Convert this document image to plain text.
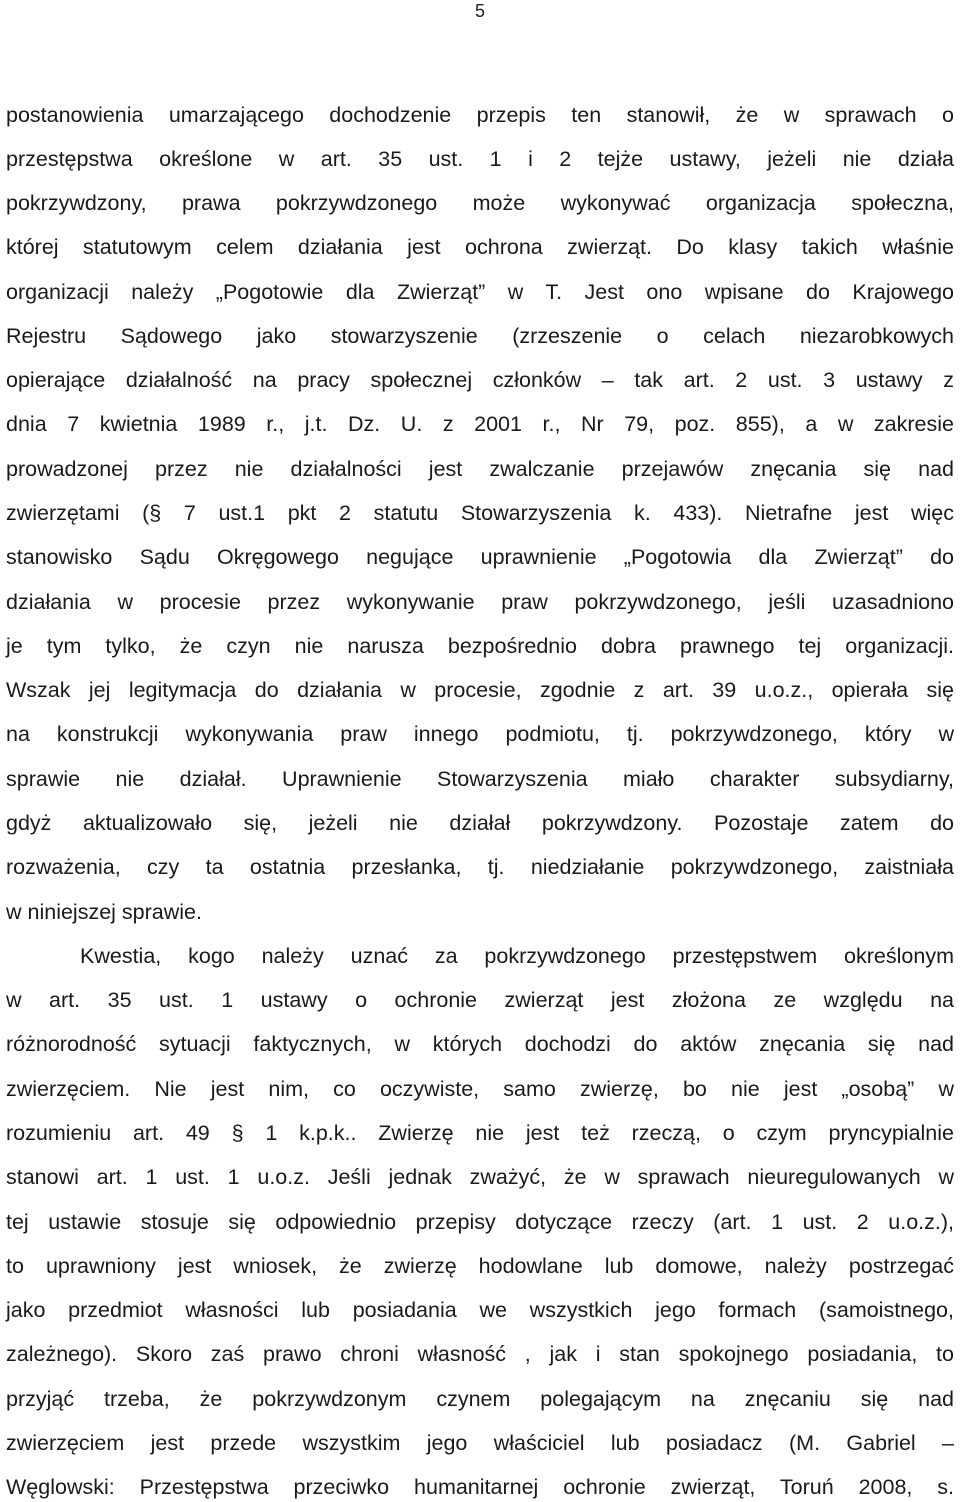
5
postanowienia umarzającego dochodzenie przepis ten stanowił, że w sprawach o
przestępstwa określone w art. 35 ust. 1 i 2 tejże ustawy, jeżeli nie działa
pokrzywdzony, prawa pokrzywdzonego może wykonywać organizacja społeczna,
której statutowym celem działania jest ochrona zwierząt. Do klasy takich właśnie
organizacji należy „Pogotowie dla Zwierząt” w T. Jest ono wpisane do Krajowego
Rejestru Sądowego jako stowarzyszenie (zrzeszenie o celach niezarobkowych
opierające działalność na pracy społecznej członków – tak art. 2 ust. 3 ustawy z
dnia 7 kwietnia 1989 r., j.t. Dz. U. z 2001 r., Nr 79, poz. 855), a w zakresie
prowadzonej przez nie działalności jest zwalczanie przejawów znęcania się nad
zwierzętami (§ 7 ust.1 pkt 2 statutu Stowarzyszenia k. 433). Nietrafne jest więc
stanowisko Sądu Okręgowego negujące uprawnienie „Pogotowia dla Zwierząt” do
działania w procesie przez wykonywanie praw pokrzywdzonego, jeśli uzasadniono
je tym tylko, że czyn nie narusza bezpośrednio dobra prawnego tej organizacji.
Wszak jej legitymacja do działania w procesie, zgodnie z art. 39 u.o.z., opierała się
na konstrukcji wykonywania praw innego podmiotu, tj. pokrzywdzonego, który w
sprawie nie działał. Uprawnienie Stowarzyszenia miało charakter subsydiarny,
gdyż aktualizowało się, jeżeli nie działał pokrzywdzony. Pozostaje zatem do
rozważenia, czy ta ostatnia przesłanka, tj. niedziałanie pokrzywdzonego, zaistniała
w niniejszej sprawie.
Kwestia, kogo należy uznać za pokrzywdzonego przestępstwem określonym
w art. 35 ust. 1 ustawy o ochronie zwierząt jest złożona ze względu na
różnorodność sytuacji faktycznych, w których dochodzi do aktów znęcania się nad
zwierzęciem. Nie jest nim, co oczywiste, samo zwierzę, bo nie jest „osobą” w
rozumieniu art. 49 § 1 k.p.k.. Zwierzę nie jest też rzeczą, o czym pryncypialnie
stanowi art. 1 ust. 1 u.o.z. Jeśli jednak zważyć, że w sprawach nieuregulowanych w
tej ustawie stosuje się odpowiednio przepisy dotyczące rzeczy (art. 1 ust. 2 u.o.z.),
to uprawniony jest wniosek, że zwierzę hodowlane lub domowe, należy postrzegać
jako przedmiot własności lub posiadania we wszystkich jego formach (samoistnego,
zależnego). Skoro zaś prawo chroni własność , jak i stan spokojnego posiadania, to
przyjąć trzeba, że pokrzywdzonym czynem polegającym na znęcaniu się nad
zwierzęciem jest przede wszystkim jego właściciel lub posiadacz (M. Gabriel –
Węglowski: Przestępstwa przeciwko humanitarnej ochronie zwierząt, Toruń 2008, s.
